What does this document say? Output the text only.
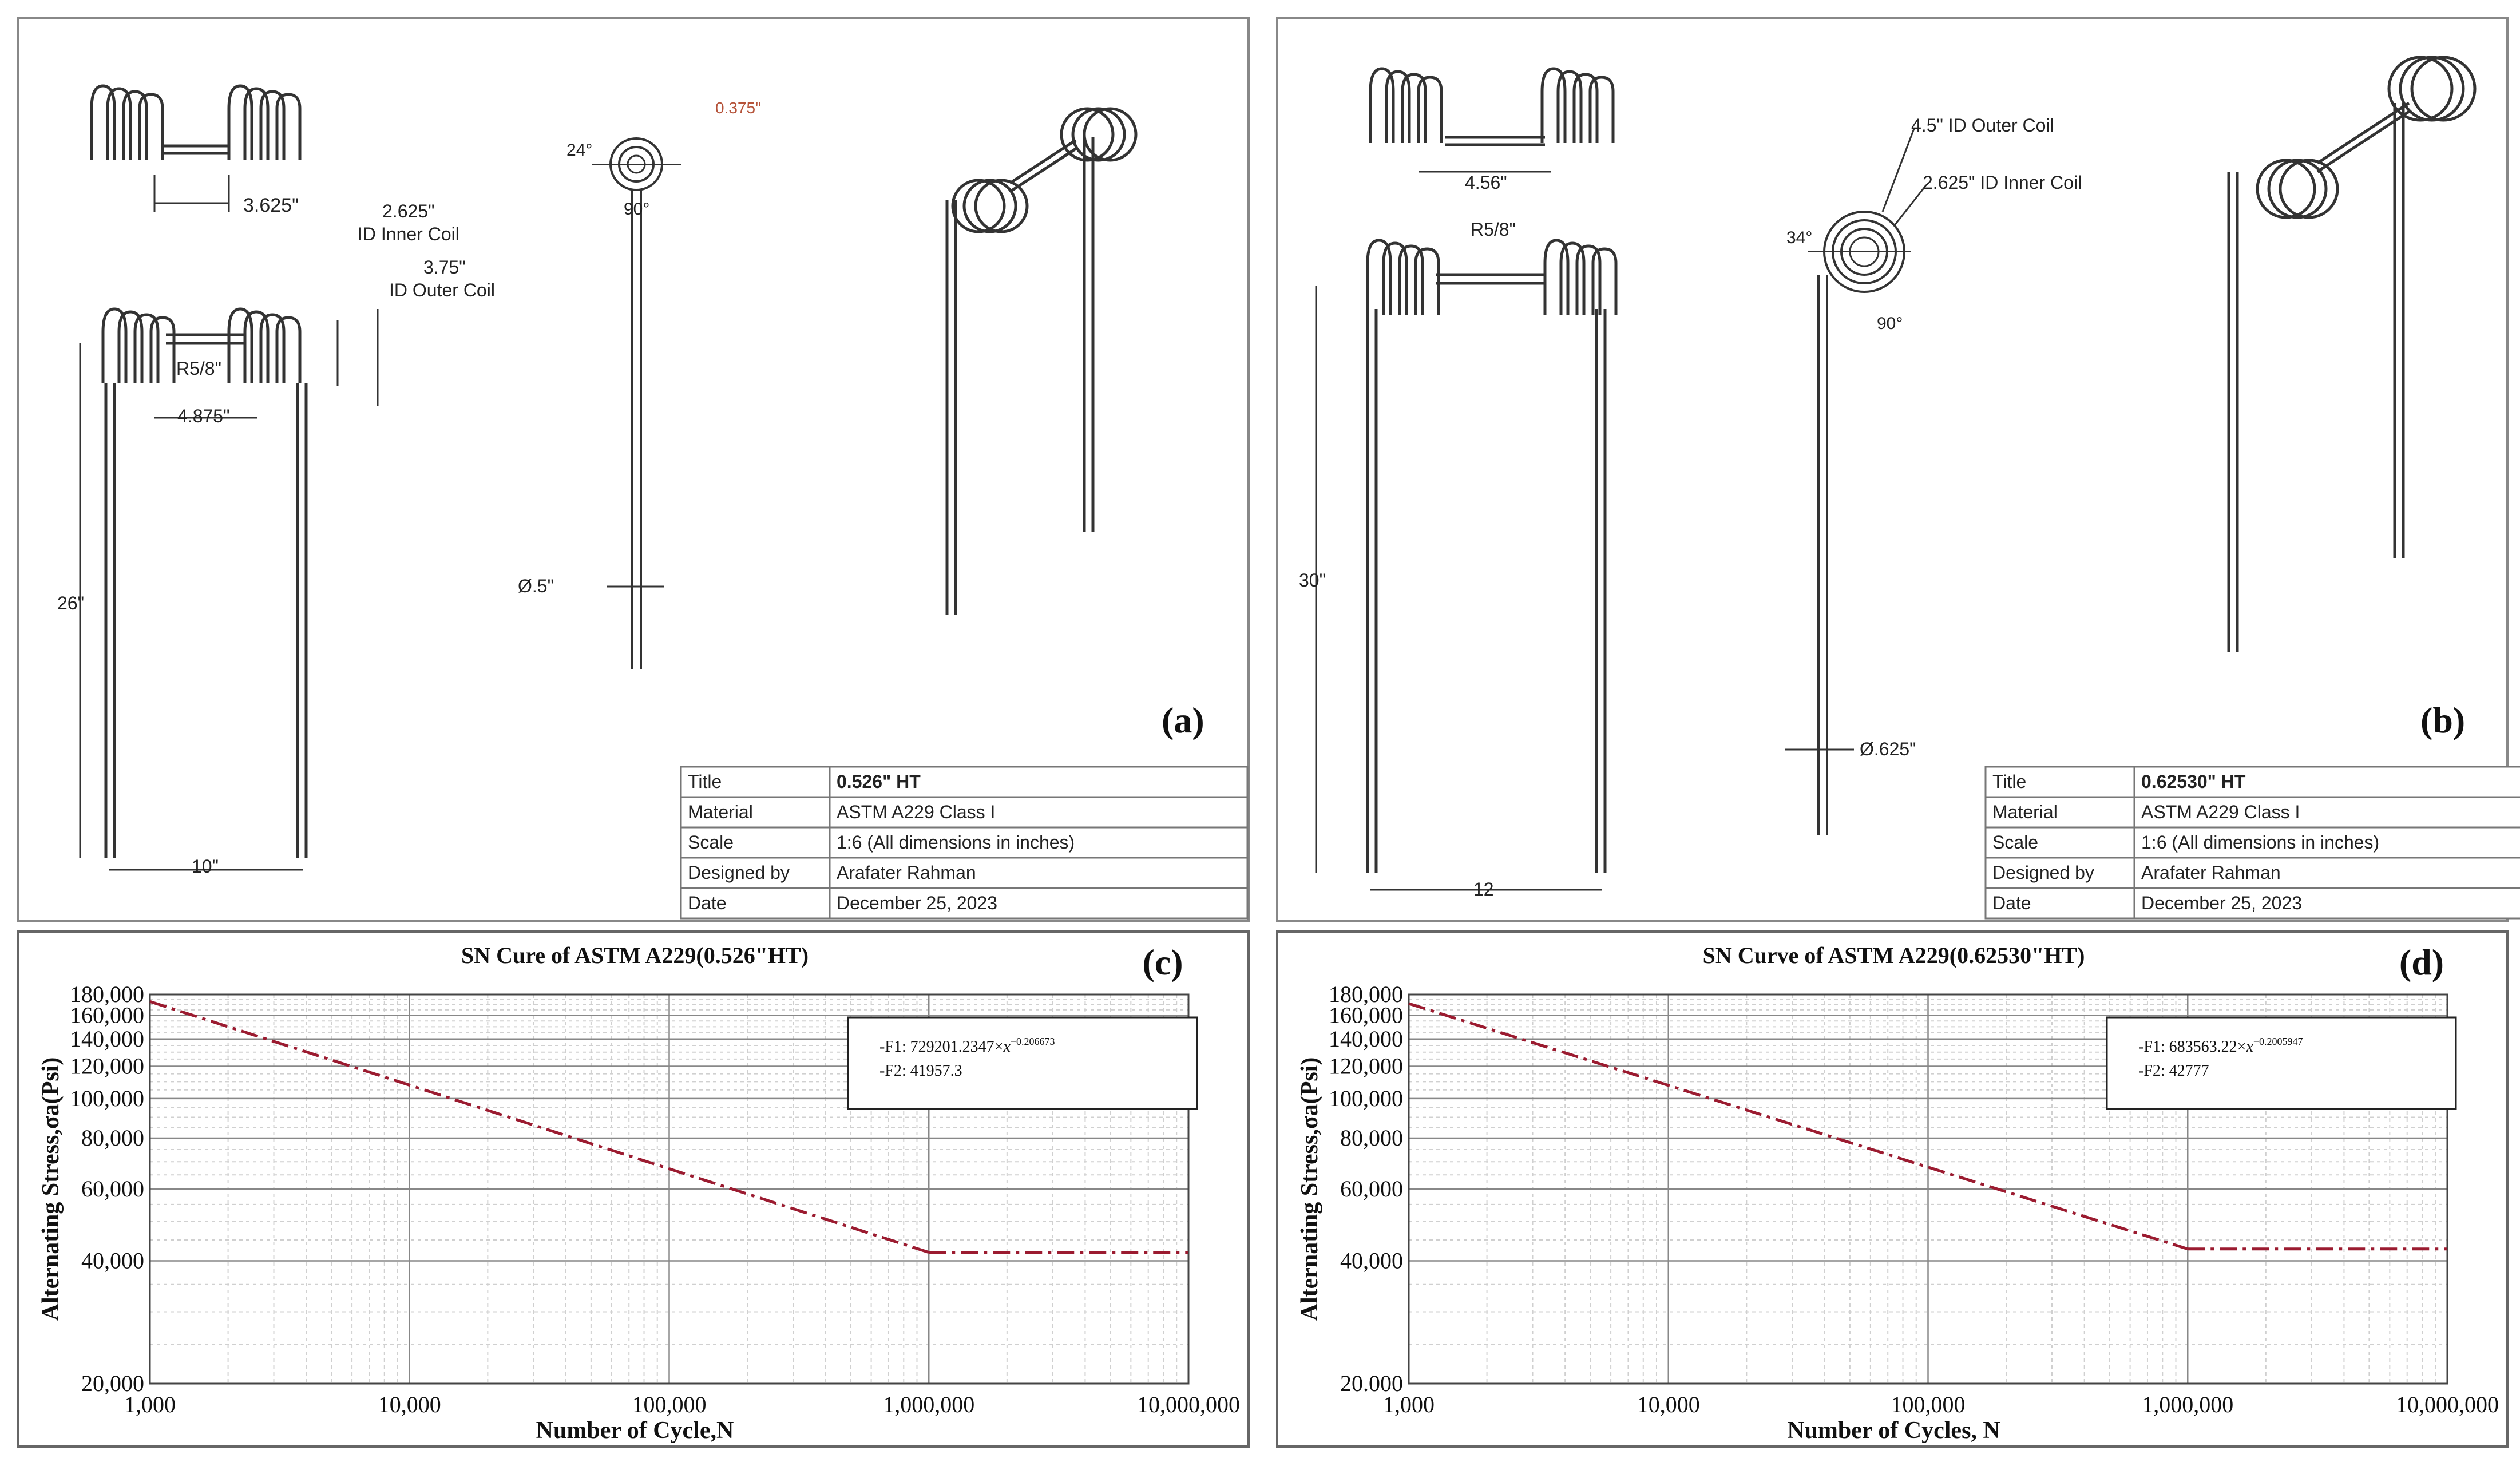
3.625"
R5/8"
4.875"
26"
10"
2.625"
ID Inner Coil
3.75"
ID Outer Coil
24°
90°
0.375"
Ø.5"
(a)
Title	0.526" HT
Material	ASTM A229 Class I
Scale	1:6 (All dimensions in inches)
Designed by	Arafater Rahman
Date	December 25, 2023
4.56"
R5/8"
30"
12
4.5" ID Outer Coil
2.625" ID Inner Coil
34°
90°
Ø.625"
(b)
Title	0.62530" HT
Material	ASTM A229 Class I
Scale	1:6 (All dimensions in inches)
Designed by	Arafater Rahman
Date	December 25, 2023
1,000	10,000	100,000	1,000,000	10,000,000
20,000
40,000
60,000
80,000
100,000
120,000
140,000
160,000
180,000
SN Cure of ASTM A229(0.526"HT)
Number of Cycle,N
Alternating Stress,σa(Psi)
(c)
-F1: $729201.2347\times x^{-0.206673}$
-F2: 41957.3
1,000	10,000	100,000	1,000,000	10,000,000
20.000
40,000
60,000
80,000
100,000
120,000
140,000
160,000
180,000
SN Curve of ASTM A229(0.62530"HT)
Number of Cycles, N
Alternating Stress,σa(Psi)
(d)
-F1: $683563.22\times x^{-0.2005947}$
-F2: 42777
